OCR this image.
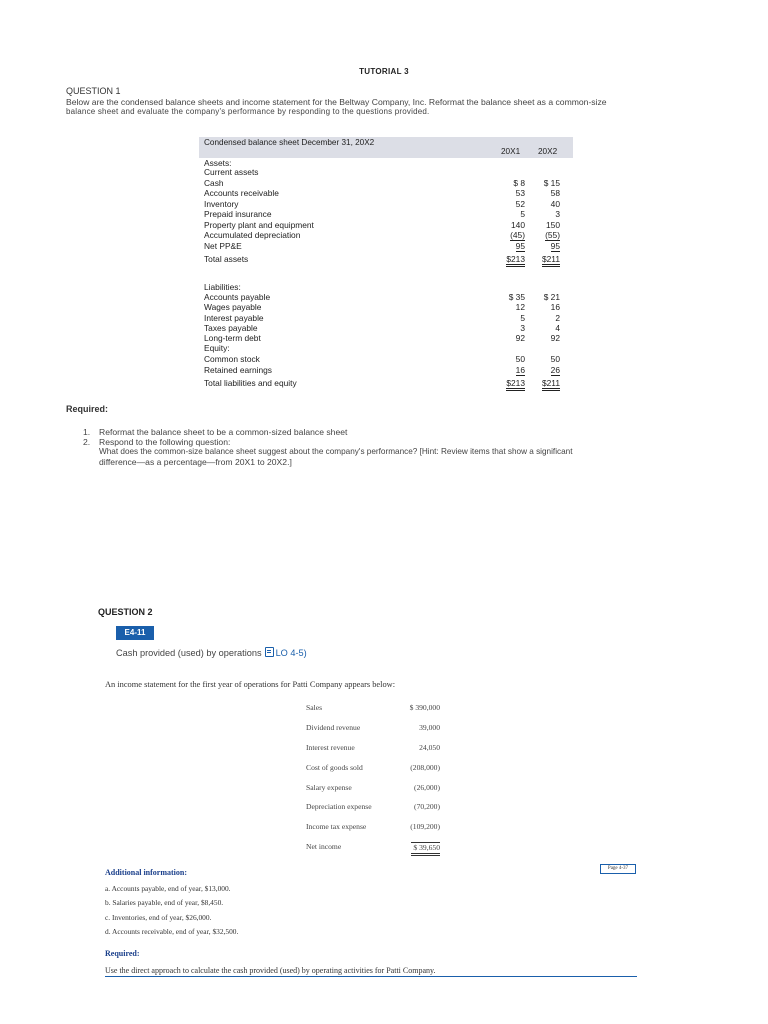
TUTORIAL 3
QUESTION 1
Below are the condensed balance sheets and income statement for the Beltway Company, Inc. Reformat the balance sheet as a common-size
balance sheet and evaluate the company's performance by responding to the questions provided.
Condensed balance sheet December 31, 20X2
20X1 20X2
Assets:
Current assets
Cash	$ 8 $ 15
Accounts receivable	53	58
Inventory	52	40
Prepaid insurance	5	3
Property plant and equipment	140	150
Accumulated depreciation	(45) (55)
Net PP&E	95	95
Total assets	$213 $211
Liabilities:
Accounts payable	$ 35 $ 21
Wages payable	12	16
Interest payable	5	2
Taxes payable	3	4
Long-term debt	92	92
Equity:
Common stock	50	50
Retained earnings	16	26
Total liabilities and equity	$213 $211
Required:
1. Reformat the balance sheet to be a common-sized balance sheet
2. Respond to the following question:
What does the common-size balance sheet suggest about the company's performance? [Hint: Review items that show a significant
difference—as a percentage—from 20X1 to 20X2.]
QUESTION 2
E4-11
Cash provided (used) by operations LO 4-5)
An income statement for the first year of operations for Patti Company appears below:
Sales	$ 390,000
Dividend revenue	39,000
Interest revenue	24,050
Cost of goods sold	(208,000)
Salary expense	(26,000)
Depreciation expense	(70,200)
Income tax expense	(109,200)
Net income	$ 39,650
Page 4-37
Additional information:
a. Accounts payable, end of year, $13,000.
b. Salaries payable, end of year, $8,450.
c. Inventories, end of year, $26,000.
d. Accounts receivable, end of year, $32,500.
Required:
Use the direct approach to calculate the cash provided (used) by operating activities for Patti Company.
